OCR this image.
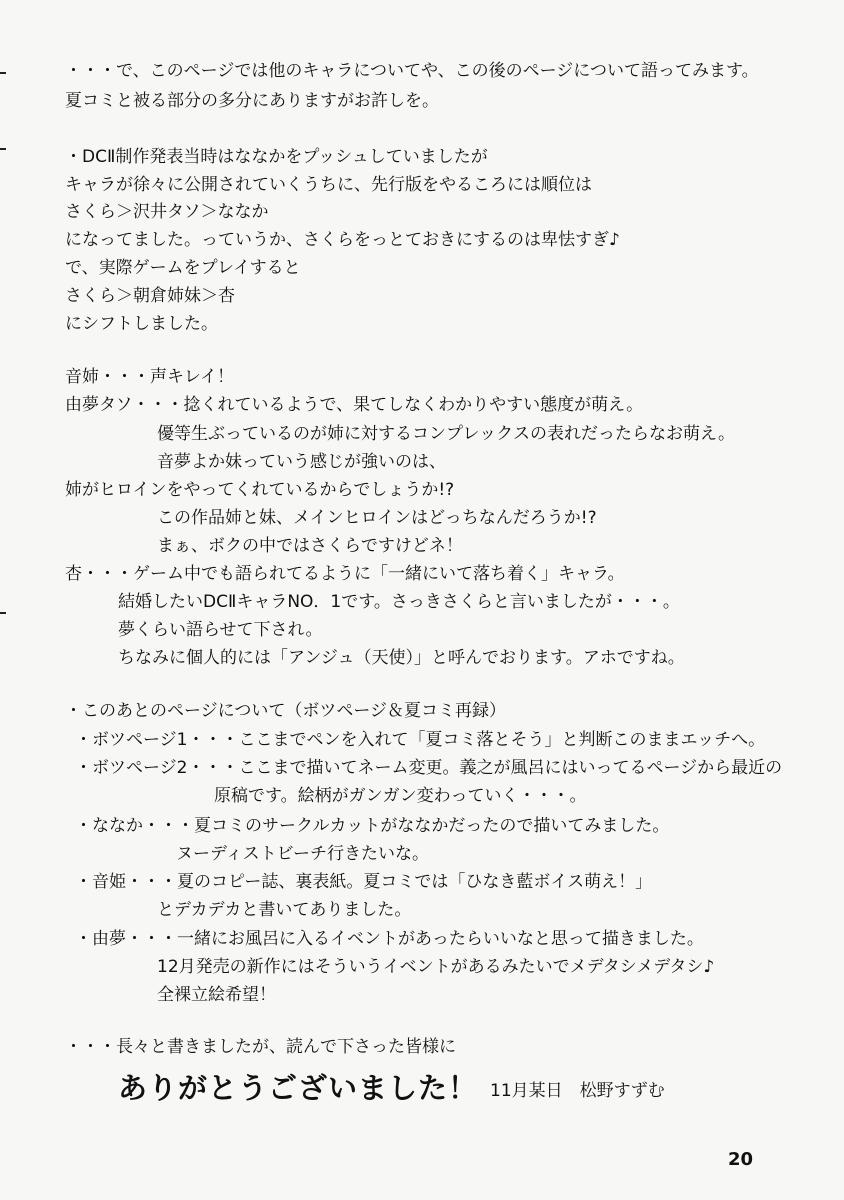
・・・で、このページでは他のキャラについてや、この後のページについて語ってみます。
夏コミと被る部分の多分にありますがお許しを。
・DCⅡ制作発表当時はななかをプッシュしていましたが
キャラが徐々に公開されていくうちに、先行版をやるころには順位は
さくら＞沢井タソ＞ななか
になってました。っていうか、さくらをっとておきにするのは卑怯すぎ♪
で、実際ゲームをプレイすると
さくら＞朝倉姉妹＞杏
にシフトしました。
音姉・・・声キレイ！
由夢タソ・・・捻くれているようで、果てしなくわかりやすい態度が萌え。
優等生ぶっているのが姉に対するコンプレックスの表れだったらなお萌え。
音夢よか妹っていう感じが強いのは、
姉がヒロインをやってくれているからでしょうか!?
この作品姉と妹、メインヒロインはどっちなんだろうか!?
まぁ、ボクの中ではさくらですけどネ！
杏・・・ゲーム中でも語られてるように「一緒にいて落ち着く」キャラ。
結婚したいDCⅡキャラNO．1です。さっきさくらと言いましたが・・・。
夢くらい語らせて下され。
ちなみに個人的には「アンジュ（天使）」と呼んでおります。アホですね。
・このあとのページについて（ボツページ＆夏コミ再録）
・ボツページ1・・・ここまでペンを入れて「夏コミ落とそう」と判断このままエッチへ。
・ボツページ2・・・ここまで描いてネーム変更。義之が風呂にはいってるページから最近の
原稿です。絵柄がガンガン変わっていく・・・。
・ななか・・・夏コミのサークルカットがななかだったので描いてみました。
ヌーディストビーチ行きたいな。
・音姫・・・夏のコピー誌、裏表紙。夏コミでは「ひなき藍ボイス萌え！」
とデカデカと書いてありました。
・由夢・・・一緒にお風呂に入るイベントがあったらいいなと思って描きました。
12月発売の新作にはそういうイベントがあるみたいでメデタシメデタシ♪
全裸立絵希望！
・・・長々と書きましたが、読んで下さった皆様に
ありがとうございました！ 11月某日　松野すずむ
20
